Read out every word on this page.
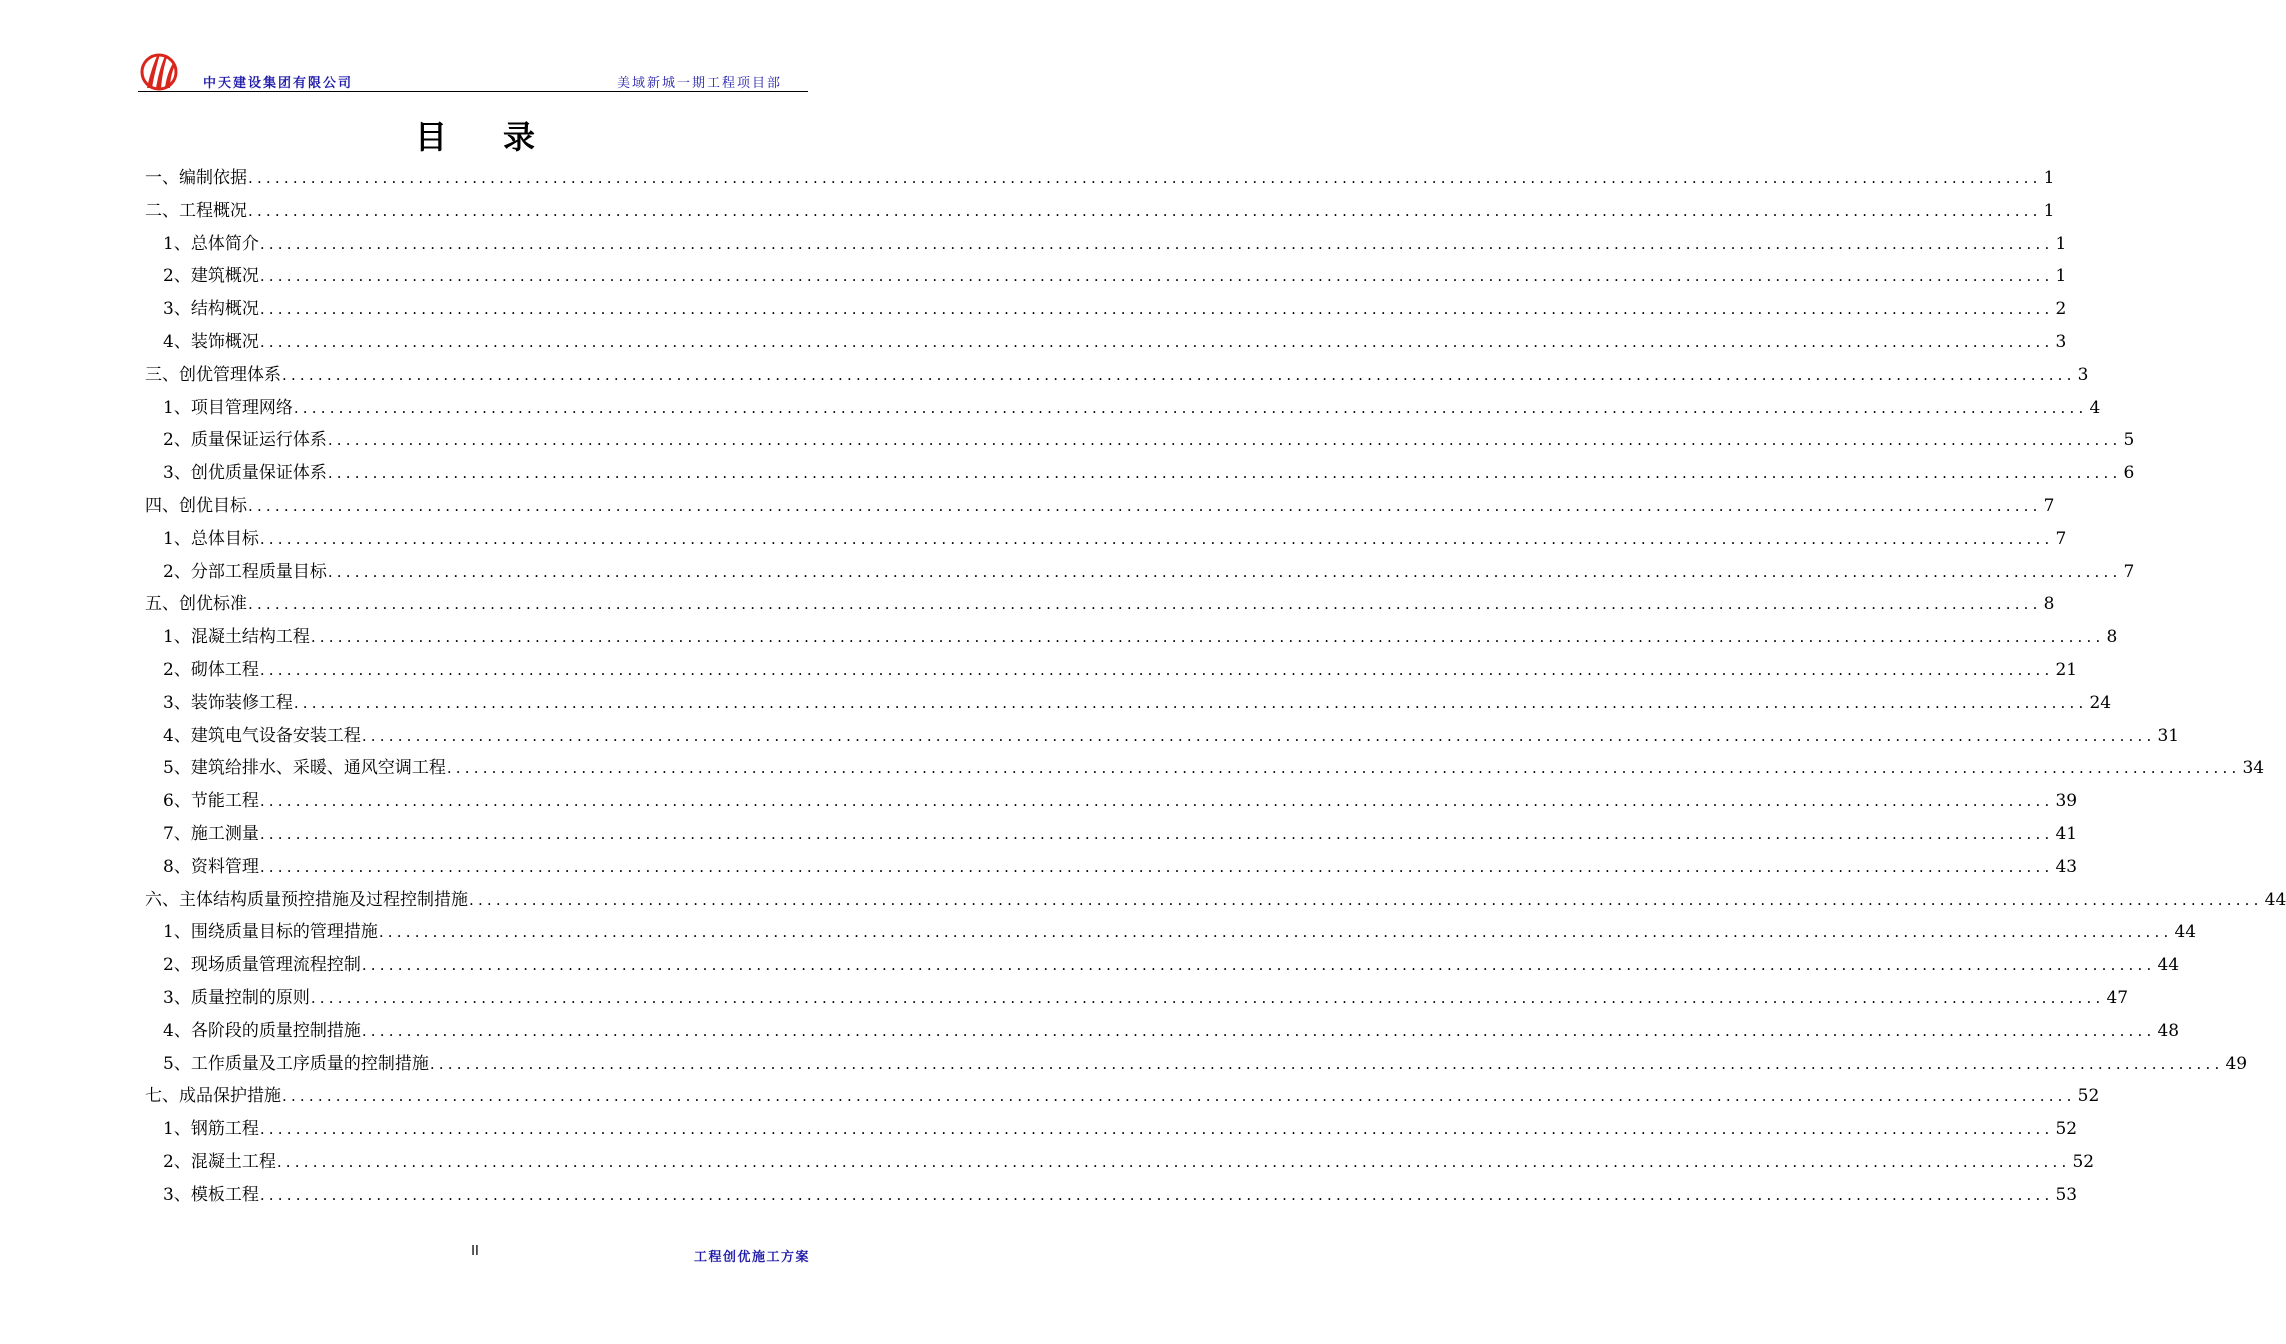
中天建设集团有限公司	美域新城一期工程项目部
目录
一、编制依据 ........................................................................................................................................................................................................ 1
二、工程概况 ........................................................................................................................................................................................................ 1
1、总体简介 ........................................................................................................................................................................................................ 1
2、建筑概况 ........................................................................................................................................................................................................ 1
3、结构概况 ........................................................................................................................................................................................................ 2
4、装饰概况 ........................................................................................................................................................................................................ 3
三、创优管理体系 ........................................................................................................................................................................................................ 3
1、项目管理网络 ........................................................................................................................................................................................................ 4
2、质量保证运行体系 ........................................................................................................................................................................................................ 5
3、创优质量保证体系 ........................................................................................................................................................................................................ 6
四、创优目标 ........................................................................................................................................................................................................ 7
1、总体目标 ........................................................................................................................................................................................................ 7
2、分部工程质量目标 ........................................................................................................................................................................................................ 7
五、创优标准 ........................................................................................................................................................................................................ 8
1、混凝土结构工程 ........................................................................................................................................................................................................ 8
2、砌体工程 ........................................................................................................................................................................................................ 21
3、装饰装修工程 ........................................................................................................................................................................................................ 24
4、建筑电气设备安装工程 ........................................................................................................................................................................................................ 31
5、建筑给排水、采暖、通风空调工程 ........................................................................................................................................................................................................ 34
6、节能工程 ........................................................................................................................................................................................................ 39
7、施工测量 ........................................................................................................................................................................................................ 41
8、资料管理 ........................................................................................................................................................................................................ 43
六、主体结构质量预控措施及过程控制措施 ........................................................................................................................................................................................................ 44
1、围绕质量目标的管理措施 ........................................................................................................................................................................................................ 44
2、现场质量管理流程控制 ........................................................................................................................................................................................................ 44
3、质量控制的原则 ........................................................................................................................................................................................................ 47
4、各阶段的质量控制措施 ........................................................................................................................................................................................................ 48
5、工作质量及工序质量的控制措施 ........................................................................................................................................................................................................ 49
七、成品保护措施 ........................................................................................................................................................................................................ 52
1、钢筋工程 ........................................................................................................................................................................................................ 52
2、混凝土工程 ........................................................................................................................................................................................................ 52
3、模板工程 ........................................................................................................................................................................................................ 53
II	工程创优施工方案
